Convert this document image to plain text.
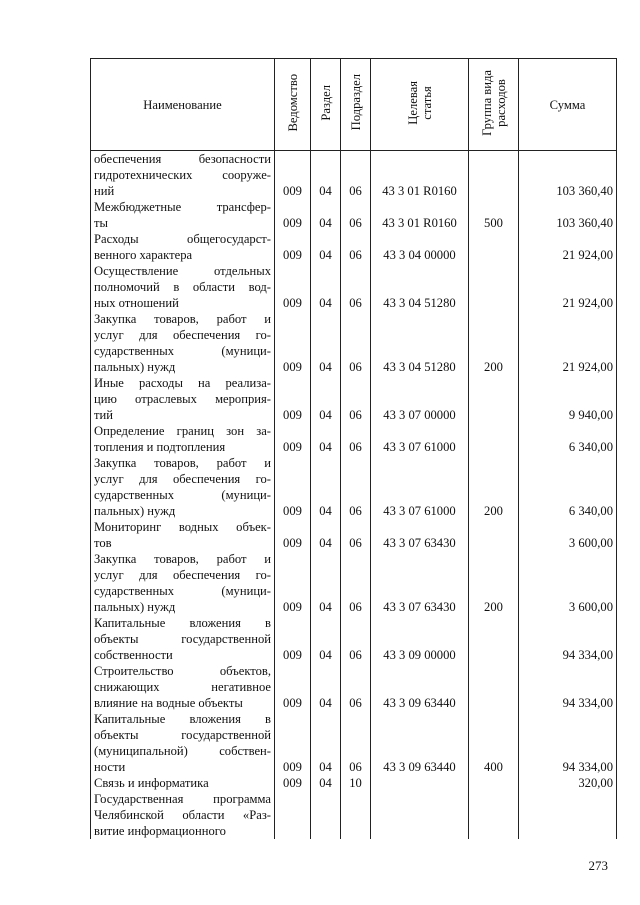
Наименование	Ведомство	Раздел	Подраздел	Целевая
статья	Группа вида
расходов	Сумма

обеспечения безопасности
гидротехнических сооруже-
ний	009	04	06	43 3 01 R0160		103 360,40

Межбюджетные трансфер-
ты	009	04	06	43 3 01 R0160	500	103 360,40

Расходы общегосударст-
венного характера	009	04	06	43 3 04 00000		21 924,00

Осуществление отдельных
полномочий в области вод-
ных отношений	009	04	06	43 3 04 51280		21 924,00

Закупка товаров, работ и
услуг для обеспечения го-
сударственных (муници-
пальных) нужд	009	04	06	43 3 04 51280	200	21 924,00

Иные расходы на реализа-
цию отраслевых мероприя-
тий	009	04	06	43 3 07 00000		9 940,00

Определение границ зон за-
топления и подтопления	009	04	06	43 3 07 61000		6 340,00

Закупка товаров, работ и
услуг для обеспечения го-
сударственных (муници-
пальных) нужд	009	04	06	43 3 07 61000	200	6 340,00

Мониторинг водных объек-
тов	009	04	06	43 3 07 63430		3 600,00

Закупка товаров, работ и
услуг для обеспечения го-
сударственных (муници-
пальных) нужд	009	04	06	43 3 07 63430	200	3 600,00

Капитальные вложения в
объекты государственной
собственности	009	04	06	43 3 09 00000		94 334,00

Строительство объектов,
снижающих негативное
влияние на водные объекты	009	04	06	43 3 09 63440		94 334,00

Капитальные вложения в
объекты государственной
(муниципальной) собствен-
ности	009	04	06	43 3 09 63440	400	94 334,00

Связь и информатика	009	04	10			320,00

Государственная программа
Челябинской области «Раз-
витие информационного						

273
